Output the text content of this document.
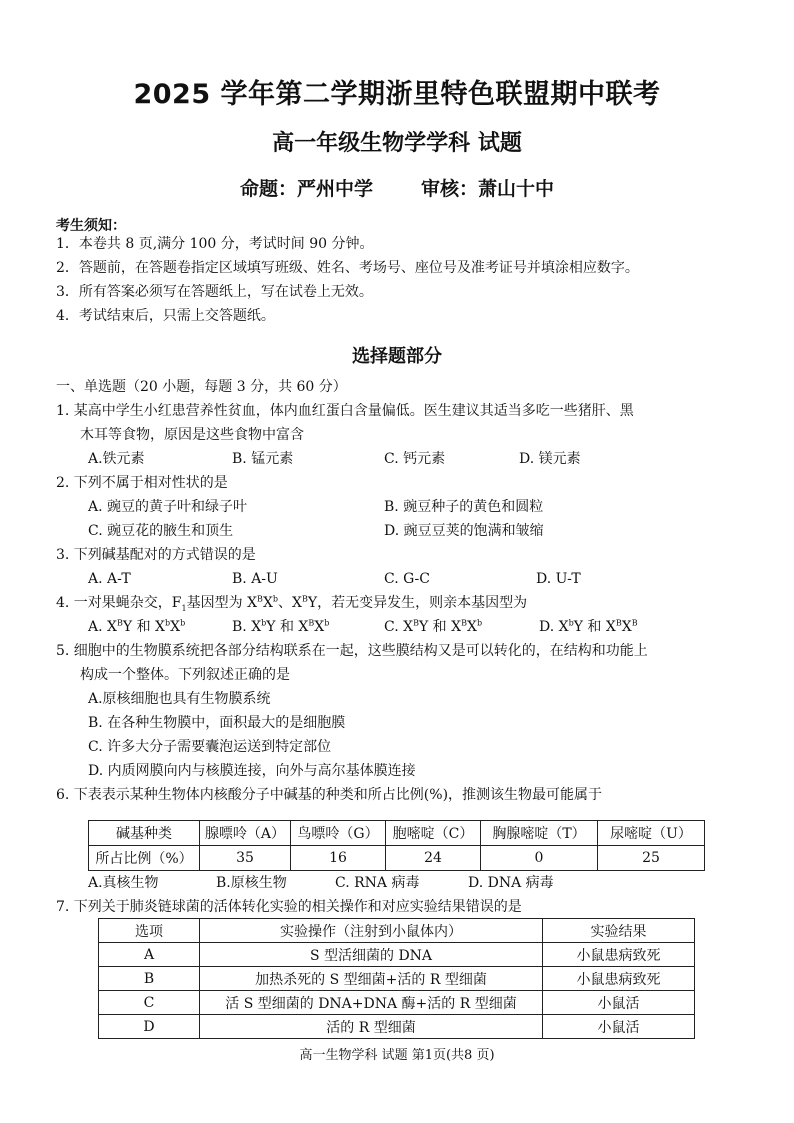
2025 学年第二学期浙里特色联盟期中联考
高一年级生物学学科 试题
命题：严州中学	审核：萧山十中
考生须知：
1．本卷共 8 页,满分 100 分，考试时间 90 分钟。
2．答题前，在答题卷指定区域填写班级、姓名、考场号、座位号及准考证号并填涂相应数字。
3．所有答案必须写在答题纸上，写在试卷上无效。
4．考试结束后，只需上交答题纸。
选择题部分
一、单选题（20 小题，每题 3 分，共 60 分）
1. 某高中学生小红患营养性贫血，体内血红蛋白含量偏低。医生建议其适当多吃一些猪肝、黑
木耳等食物，原因是这些食物中富含
A.铁元素	B. 锰元素	C. 钙元素	D. 镁元素
2. 下列不属于相对性状的是
A. 豌豆的黄子叶和绿子叶	B. 豌豆种子的黄色和圆粒
C. 豌豆花的腋生和顶生	D. 豌豆豆荚的饱满和皱缩
3. 下列碱基配对的方式错误的是
A. A-T	B. A-U	C. G-C	D. U-T
4. 一对果蝇杂交，$F_1$基因型为 $X^BX^b$、$X^BY$，若无变异发生，则亲本基因型为
A. $X^BY$ 和 $X^bX^b$	B. $X^bY$ 和 $X^BX^b$	C. $X^BY$ 和 $X^BX^b$	D. $X^bY$ 和 $X^BX^B$
5. 细胞中的生物膜系统把各部分结构联系在一起，这些膜结构又是可以转化的，在结构和功能上
构成一个整体。下列叙述正确的是
A.原核细胞也具有生物膜系统
B. 在各种生物膜中，面积最大的是细胞膜
C. 许多大分子需要囊泡运送到特定部位
D. 内质网膜向内与核膜连接，向外与高尔基体膜连接
6. 下表表示某种生物体内核酸分子中碱基的种类和所占比例(%)，推测该生物最可能属于
碱基种类	腺嘌呤（A）	鸟嘌呤（G）	胞嘧啶（C）	胸腺嘧啶（T）	尿嘧啶（U）
所占比例（%）	35	16	24	0	25
A.真核生物	B.原核生物	C. RNA 病毒	D. DNA 病毒
7. 下列关于肺炎链球菌的活体转化实验的相关操作和对应实验结果错误的是
选项	实验操作（注射到小鼠体内）	实验结果
A	S 型活细菌的 DNA	小鼠患病致死
B	加热杀死的 S 型细菌+活的 R 型细菌	小鼠患病致死
C	活 S 型细菌的 DNA+DNA 酶+活的 R 型细菌	小鼠活
D	活的 R 型细菌	小鼠活
高一生物学科 试题 第1页(共8 页)
